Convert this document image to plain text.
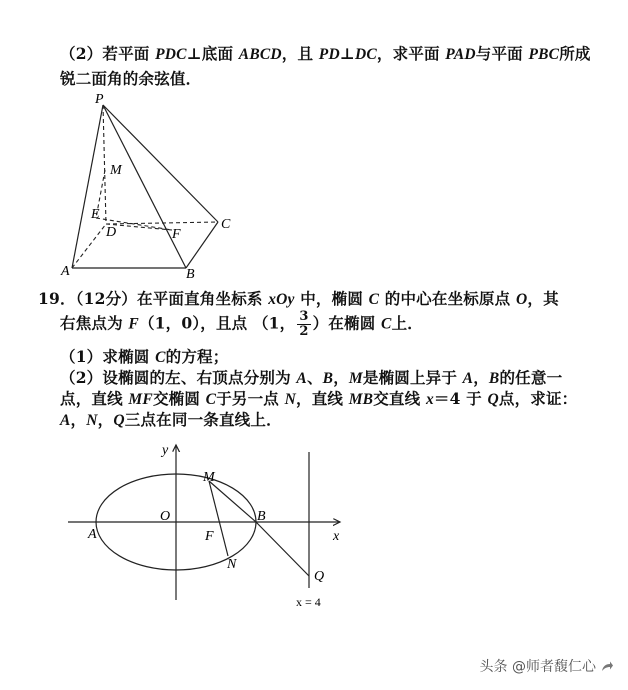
（2）若平面 PDC⊥底面 ABCD，且 PD⊥DC，求平面 PAD与平面 PBC所成
锐二面角的余弦值．
P
M
E
D	F
C
A	B
19．（12分）在平面直角坐标系 xOy 中，椭圆 C 的中心在坐标原点 O，其
右焦点为 F（1，0），且点 （1， $\frac{3}{2}$ ）在椭圆 C上．
（1）求椭圆 C的方程；
（2）设椭圆的左、右顶点分别为 A、B，M是椭圆上异于 A，B的任意一
点，直线 MF交椭圆 C于另一点 N，直线 MB交直线 x＝4 于 Q点，求证：
A，N，Q三点在同一条直线上．
y
x
O
M
A
B
F
N
Q
x = 4
头条 @师者馥仁心
